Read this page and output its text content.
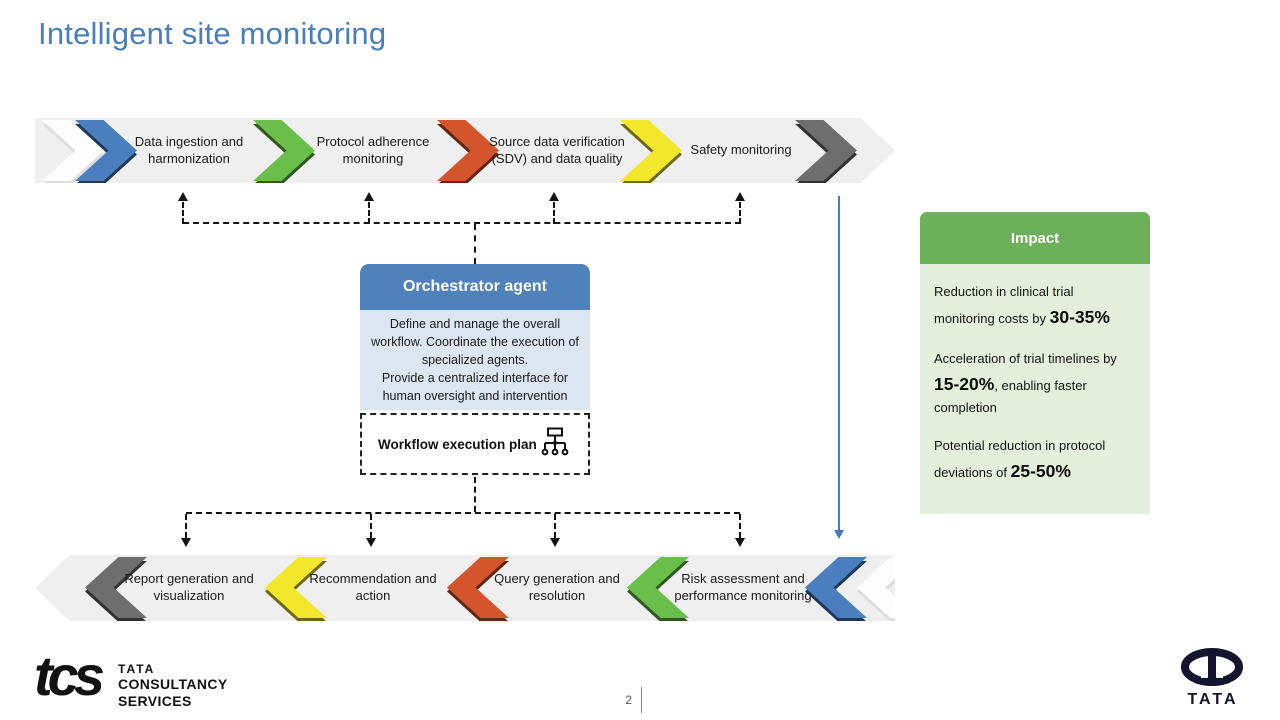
Intelligent site monitoring
Data ingestion and harmonization
Protocol adherence monitoring
Source data verification (SDV) and data quality
Safety monitoring
Orchestrator agent
Define and manage the overall workflow. Coordinate the execution of specialized agents.
Provide a centralized interface for human oversight and intervention
Workflow execution plan
Report generation and visualization
Recommendation and action
Query generation and resolution
Risk assessment and performance monitoring
Impact

Reduction in clinical trial monitoring costs by 30-35%

Acceleration of trial timelines by 15-20%, enabling faster completion

Potential reduction in protocol deviations of 25-50%

tcs TATA
CONSULTANCY
SERVICES	2	TATA
